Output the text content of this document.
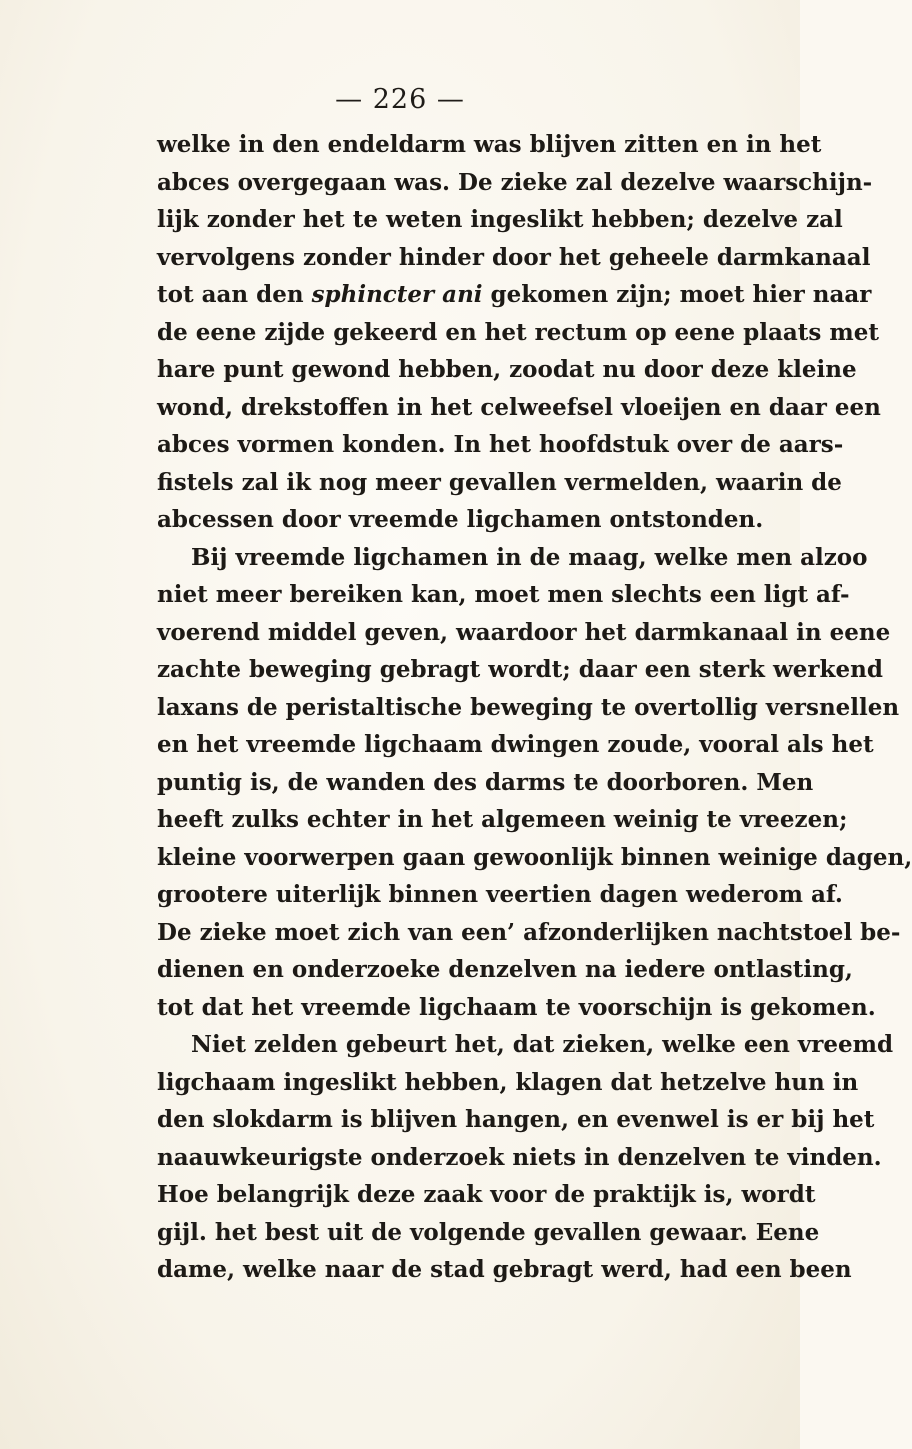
— 226 —
welke in den endeldarm was blijven zitten en in het
abces overgegaan was. De zieke zal dezelve waarschijn-
lijk zonder het te weten ingeslikt hebben; dezelve zal
vervolgens zonder hinder door het geheele darmkanaal
tot aan den sphincter ani gekomen zijn; moet hier naar
de eene zijde gekeerd en het rectum op eene plaats met
hare punt gewond hebben, zoodat nu door deze kleine
wond, drekstoffen in het celweefsel vloeijen en daar een
abces vormen konden. In het hoofdstuk over de aars-
fistels zal ik nog meer gevallen vermelden, waarin de
abcessen door vreemde ligchamen ontstonden.
Bij vreemde ligchamen in de maag, welke men alzoo
niet meer bereiken kan, moet men slechts een ligt af-
voerend middel geven, waardoor het darmkanaal in eene
zachte beweging gebragt wordt; daar een sterk werkend
laxans de peristaltische beweging te overtollig versnellen
en het vreemde ligchaam dwingen zoude, vooral als het
puntig is, de wanden des darms te doorboren. Men
heeft zulks echter in het algemeen weinig te vreezen;
kleine voorwerpen gaan gewoonlijk binnen weinige dagen,
grootere uiterlijk binnen veertien dagen wederom af.
De zieke moet zich van een’ afzonderlijken nachtstoel be-
dienen en onderzoeke denzelven na iedere ontlasting,
tot dat het vreemde ligchaam te voorschijn is gekomen.
Niet zelden gebeurt het, dat zieken, welke een vreemd
ligchaam ingeslikt hebben, klagen dat hetzelve hun in
den slokdarm is blijven hangen, en evenwel is er bij het
naauwkeurigste onderzoek niets in denzelven te vinden.
Hoe belangrijk deze zaak voor de praktijk is, wordt
gijl. het best uit de volgende gevallen gewaar. Eene
dame, welke naar de stad gebragt werd, had een been
